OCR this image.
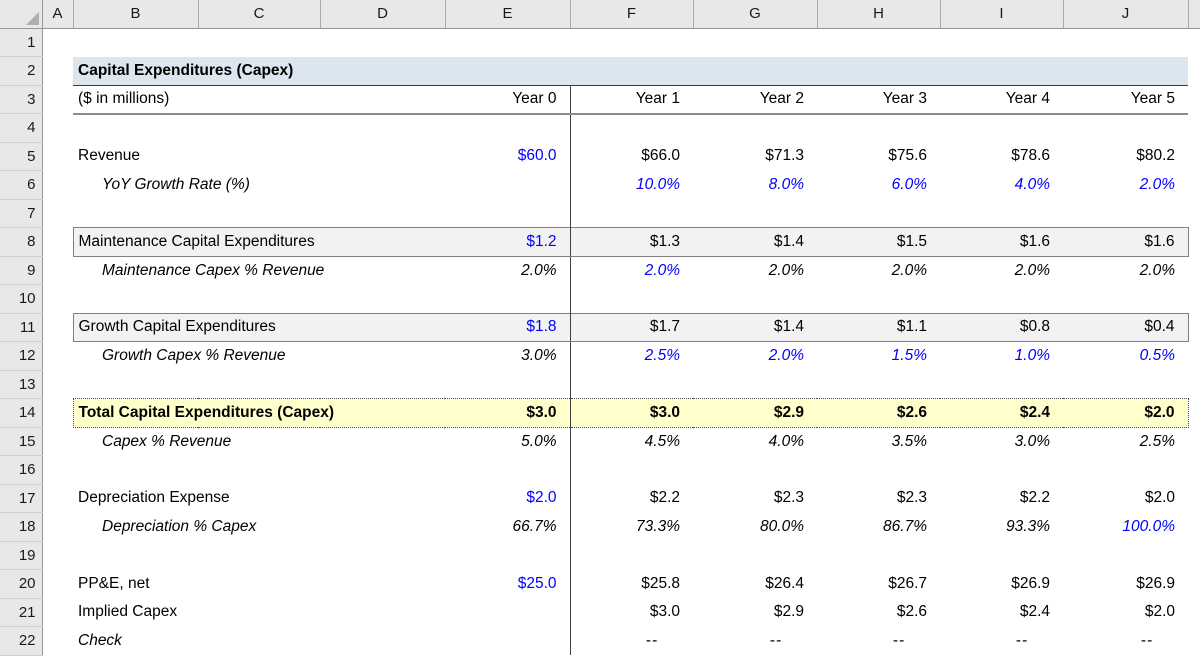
	A	B	C	D	E	F	G	H	I	J	
1											
2		Capital Expenditures (Capex)									
3		($ in millions)			Year 0	Year 1	Year 2	Year 3	Year 4	Year 5	
4											
5		Revenue			$60.0	$66.0	$71.3	$75.6	$78.6	$80.2	
6		YoY Growth Rate (%)				10.0%	8.0%	6.0%	4.0%	2.0%	
7											
8		Maintenance Capital Expenditures			$1.2	$1.3	$1.4	$1.5	$1.6	$1.6	
9		Maintenance Capex % Revenue			2.0%	2.0%	2.0%	2.0%	2.0%	2.0%	
10											
11		Growth Capital Expenditures			$1.8	$1.7	$1.4	$1.1	$0.8	$0.4	
12		Growth Capex % Revenue			3.0%	2.5%	2.0%	1.5%	1.0%	0.5%	
13											
14		Total Capital Expenditures (Capex)			$3.0	$3.0	$2.9	$2.6	$2.4	$2.0	
15		Capex % Revenue			5.0%	4.5%	4.0%	3.5%	3.0%	2.5%	
16											
17		Depreciation Expense			$2.0	$2.2	$2.3	$2.3	$2.2	$2.0	
18		Depreciation % Capex			66.7%	73.3%	80.0%	86.7%	93.3%	100.0%	
19											
20		PP&E, net			$25.0	$25.8	$26.4	$26.7	$26.9	$26.9	
21		Implied Capex				$3.0	$2.9	$2.6	$2.4	$2.0	
22		Check				--	--	--	--	--	
